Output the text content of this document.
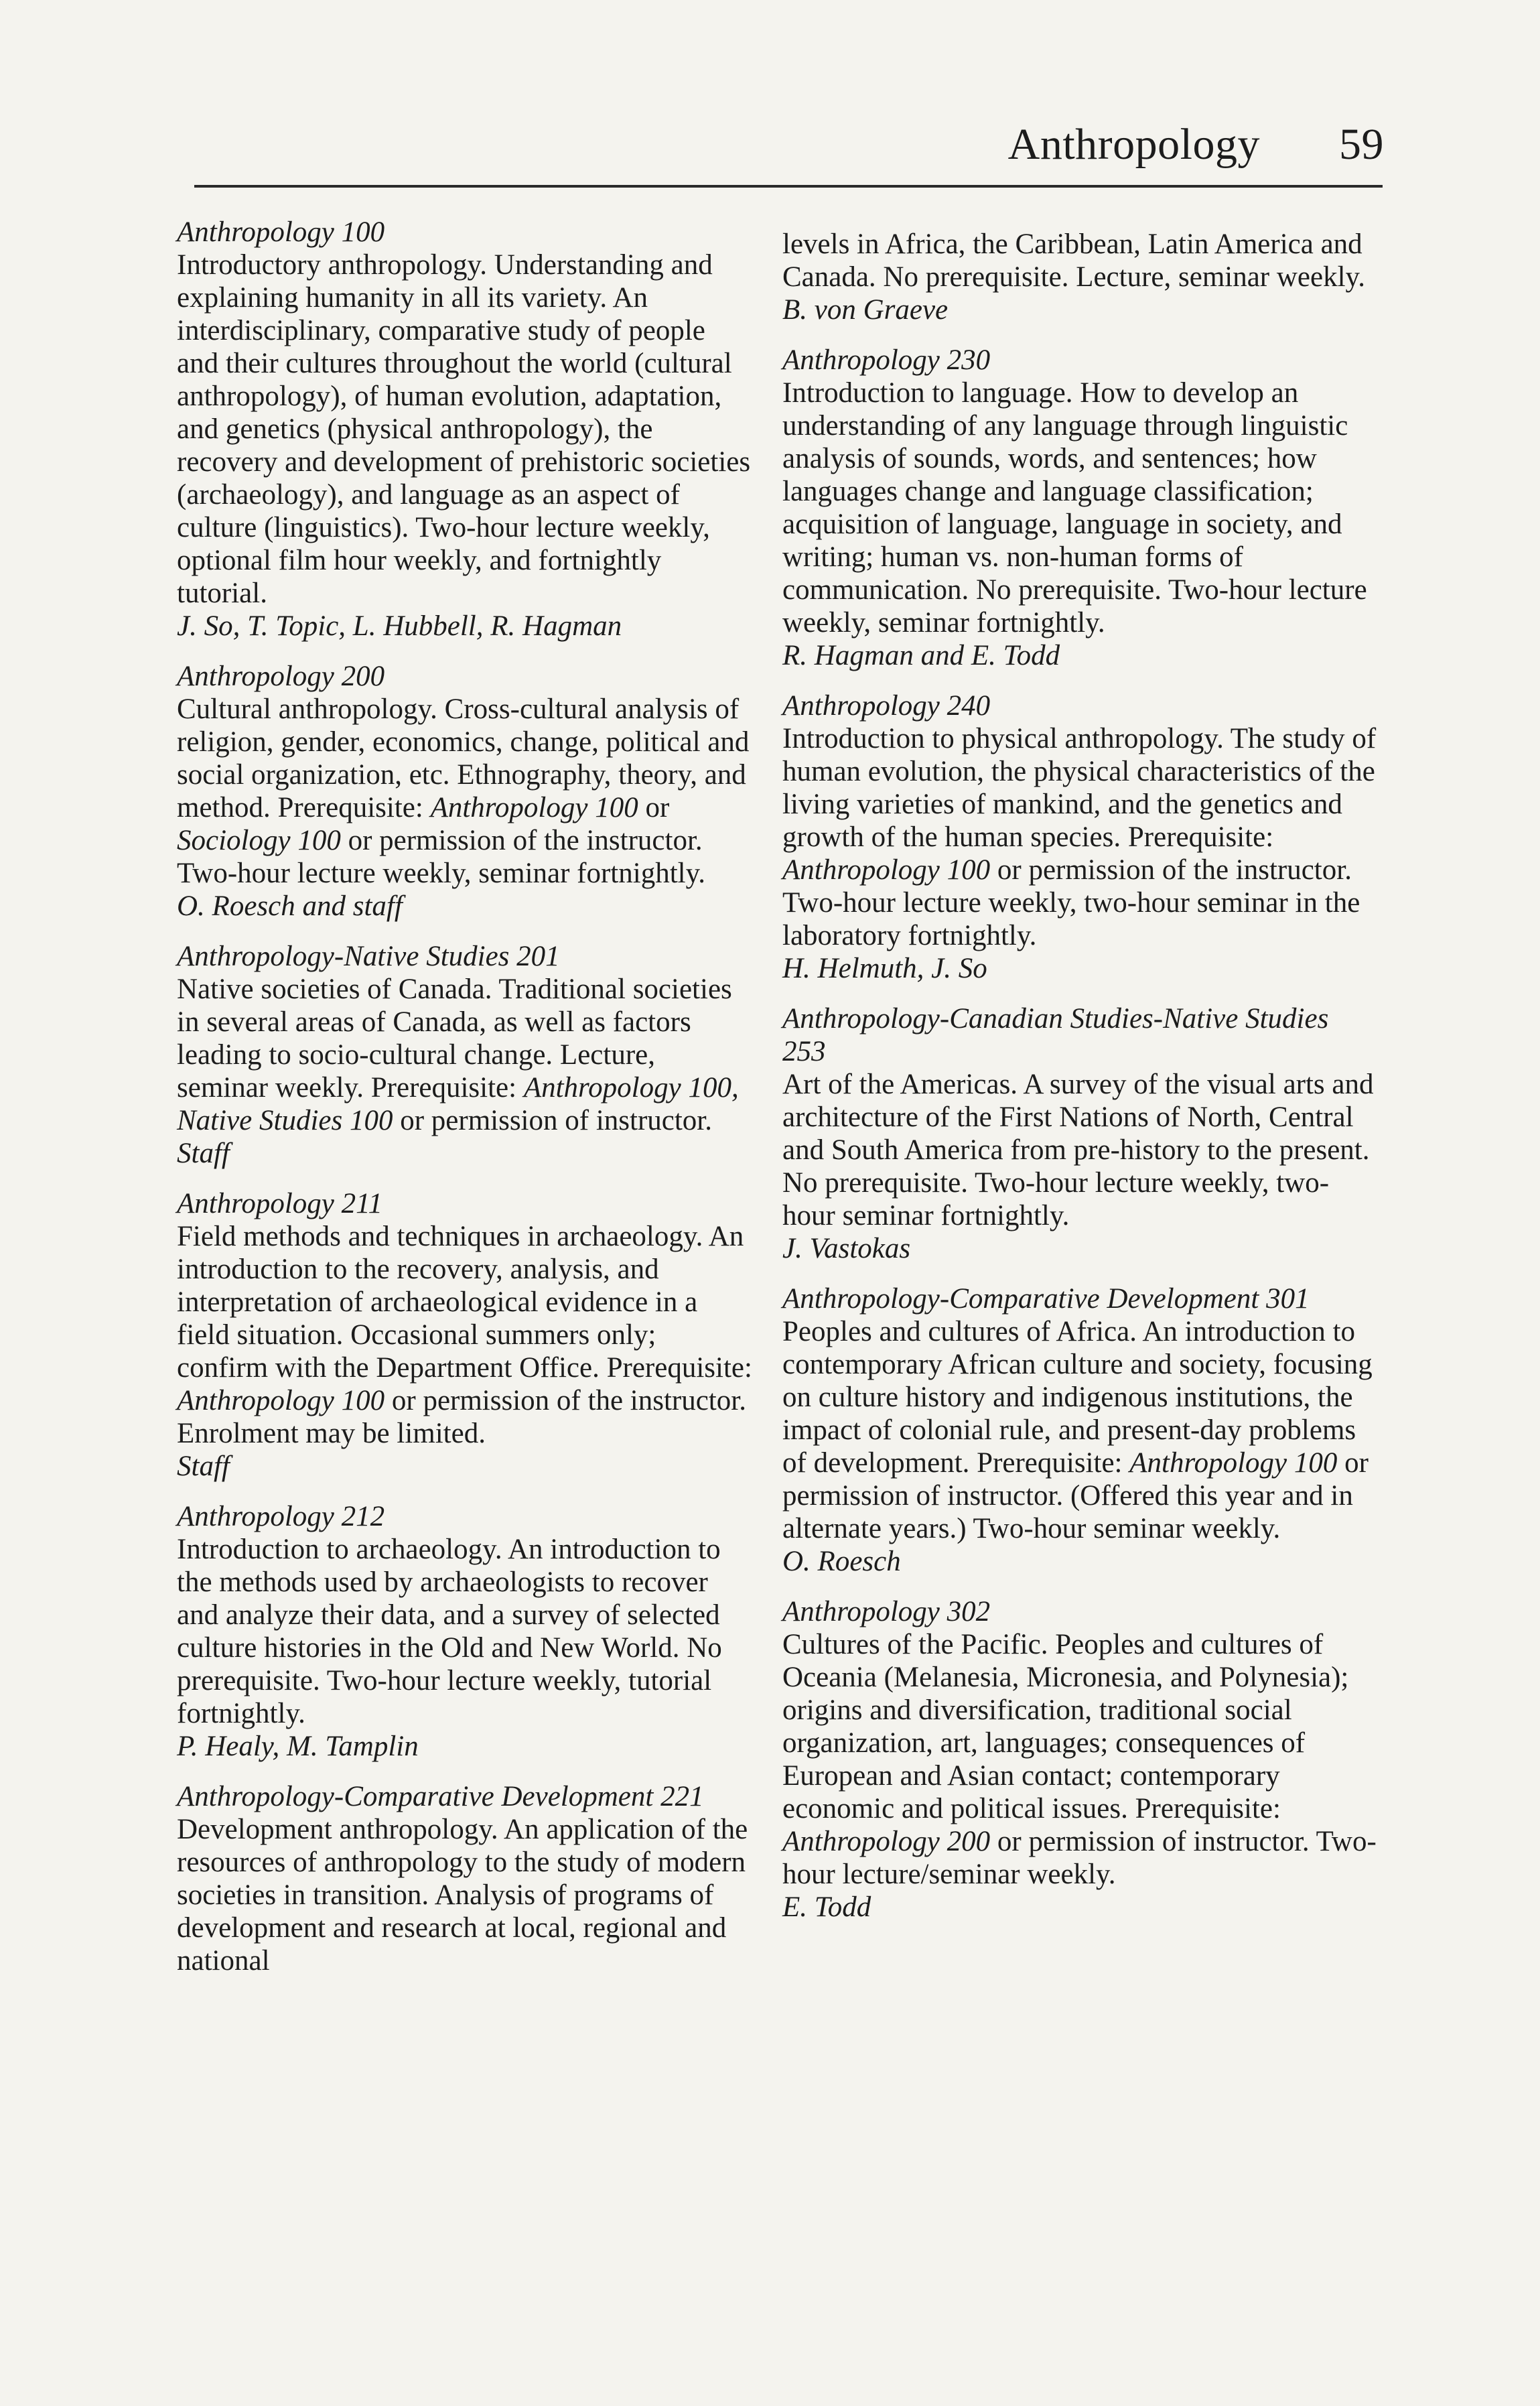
Anthropology 59

Anthropology 100

Introductory anthropology. Understanding and explaining humanity in all its variety. An interdisciplinary, comparative study of people and their cultures throughout the world (cultural anthropology), of human evolution, adaptation, and genetics (physical anthropology), the recovery and development of prehistoric societies (archaeology), and language as an aspect of culture (linguistics). Two-hour lecture weekly, optional film hour weekly, and fortnightly tutorial.

J. So, T. Topic, L. Hubbell, R. Hagman

Anthropology 200

Cultural anthropology. Cross-cultural analysis of religion, gender, economics, change, political and social organization, etc. Ethnography, theory, and method. Prerequisite: Anthropology 100 or Sociology 100 or permission of the instructor. Two-hour lecture weekly, seminar fortnightly.

O. Roesch and staff

Anthropology-Native Studies 201

Native societies of Canada. Traditional societies in several areas of Canada, as well as factors leading to socio-cultural change. Lecture, seminar weekly. Prerequisite: Anthropology 100, Native Studies 100 or permission of instructor.

Staff

Anthropology 211

Field methods and techniques in archaeology. An introduction to the recovery, analysis, and interpretation of archaeological evidence in a field situation. Occasional summers only; confirm with the Department Office. Prerequisite: Anthropology 100 or permission of the instructor. Enrolment may be limited.

Staff

Anthropology 212

Introduction to archaeology. An introduction to the methods used by archaeologists to recover and analyze their data, and a survey of selected culture histories in the Old and New World. No prerequisite. Two-hour lecture weekly, tutorial fortnightly.

P. Healy, M. Tamplin

Anthropology-Comparative Development 221

Development anthropology. An application of the resources of anthropology to the study of modern societies in transition. Analysis of programs of development and research at local, regional and national

levels in Africa, the Caribbean, Latin America and Canada. No prerequisite. Lecture, seminar weekly.

B. von Graeve

Anthropology 230

Introduction to language. How to develop an understanding of any language through linguistic analysis of sounds, words, and sentences; how languages change and language classification; acquisition of language, language in society, and writing; human vs. non-human forms of communication. No prerequisite. Two-hour lecture weekly, seminar fortnightly.

R. Hagman and E. Todd

Anthropology 240

Introduction to physical anthropology. The study of human evolution, the physical characteristics of the living varieties of mankind, and the genetics and growth of the human species. Prerequisite: Anthropology 100 or permission of the instructor. Two-hour lecture weekly, two-hour seminar in the laboratory fortnightly.

H. Helmuth, J. So

Anthropology-Canadian Studies-Native Studies 253

Art of the Americas. A survey of the visual arts and architecture of the First Nations of North, Central and South America from pre-history to the present. No prerequisite. Two-hour lecture weekly, two-hour seminar fortnightly.

J. Vastokas

Anthropology-Comparative Development 301

Peoples and cultures of Africa. An introduction to contemporary African culture and society, focusing on culture history and indigenous institutions, the impact of colonial rule, and present-day problems of development. Prerequisite: Anthropology 100 or permission of instructor. (Offered this year and in alternate years.) Two-hour seminar weekly.

O. Roesch

Anthropology 302

Cultures of the Pacific. Peoples and cultures of Oceania (Melanesia, Micronesia, and Polynesia); origins and diversification, traditional social organization, art, languages; consequences of European and Asian contact; contemporary economic and political issues. Prerequisite: Anthropology 200 or permission of instructor. Two-hour lecture/seminar weekly.

E. Todd
